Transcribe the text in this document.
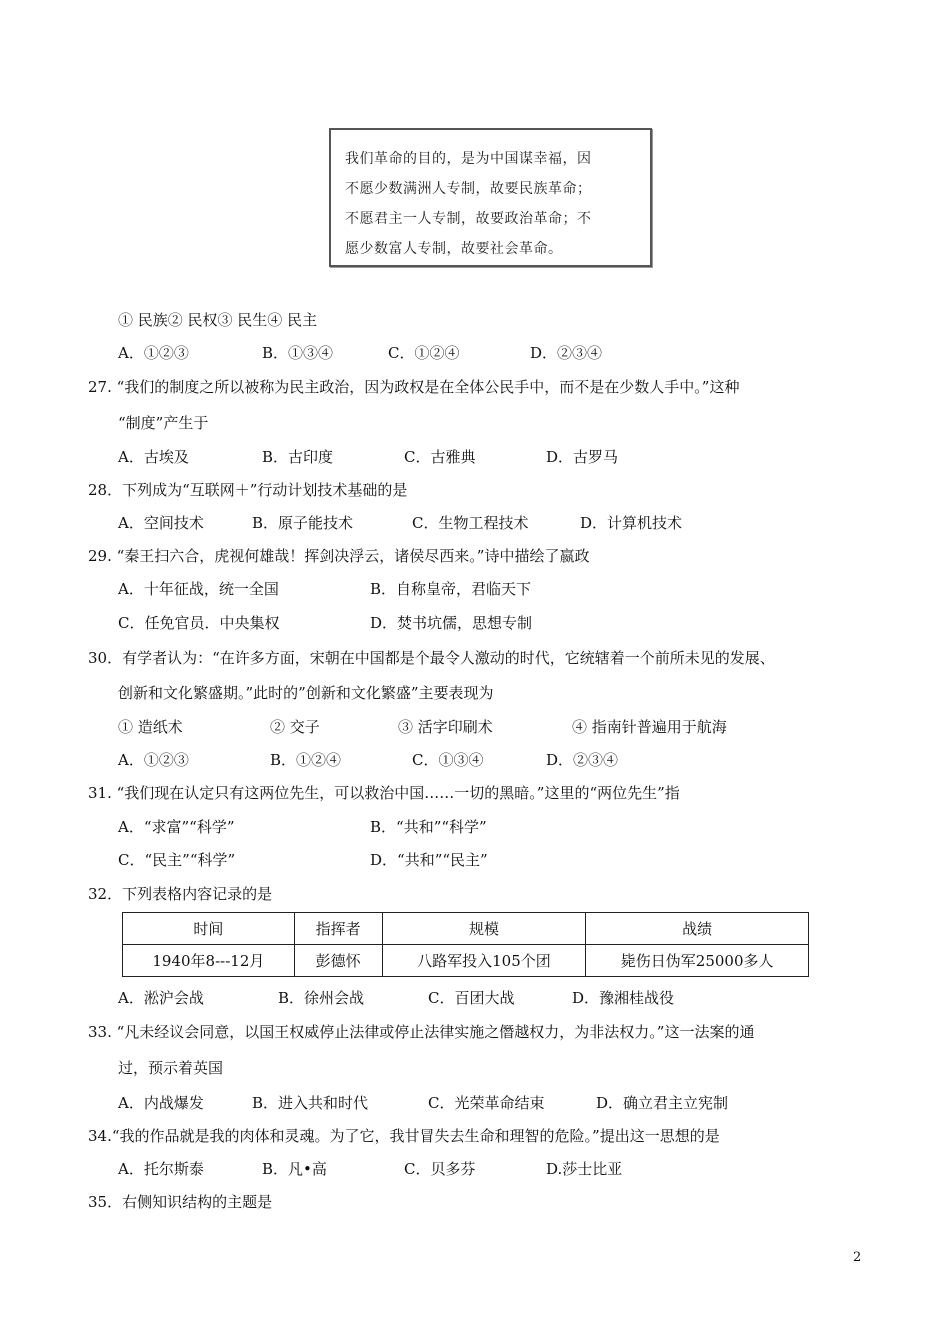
我们革命的目的，是为中国谋幸福，因
不愿少数满洲人专制，故要民族革命；
不愿君主一人专制，故要政治革命；不
愿少数富人专制，故要社会革命。
① 民族② 民权③ 民生④ 民主
A．①②③	B．①③④	C．①②④	D．②③④
27. “我们的制度之所以被称为民主政治，因为政权是在全体公民手中，而不是在少数人手中。”这种
“制度”产生于
A．古埃及	B．古印度	C．古雅典	D．古罗马
28．下列成为“互联网＋”行动计划技术基础的是
A．空间技术	B．原子能技术	C．生物工程技术	D．计算机技术
29. “秦王扫六合，虎视何雄哉！挥剑决浮云，诸侯尽西来。”诗中描绘了嬴政
A．十年征战，统一全国	B．自称皇帝，君临天下
C．任免官员．中央集权	D．焚书坑儒，思想专制
30．有学者认为：“在许多方面，宋朝在中国都是个最令人激动的时代，它统辖着一个前所未见的发展、
创新和文化繁盛期。”此时的”创新和文化繁盛”主要表现为
① 造纸术	② 交子	③ 活字印刷术	④ 指南针普遍用于航海
A．①②③	B．①②④	C．①③④	D．②③④
31. “我们现在认定只有这两位先生，可以救治中国……一切的黑暗。”这里的“两位先生”指
A．“求富”“科学”	B．“共和”“科学”
C．“民主”“科学”	D．“共和”“民主”
32．下列表格内容记录的是
时间	指挥者	规模	战绩
1940年8---12月	彭德怀	八路军投入105个团	毙伤日伪军25000多人
A．淞沪会战	B．徐州会战	C．百团大战	D．豫湘桂战役
33. “凡未经议会同意，以国王权威停止法律或停止法律实施之僭越权力，为非法权力。”这一法案的通
过，预示着英国
A．内战爆发	B．进入共和时代	C．光荣革命结束	D．确立君主立宪制
34.“我的作品就是我的肉体和灵魂。为了它，我甘冒失去生命和理智的危险。”提出这一思想的是
A．托尔斯泰	B．凡•高	C．贝多芬	D.莎士比亚
35．右侧知识结构的主题是
2
